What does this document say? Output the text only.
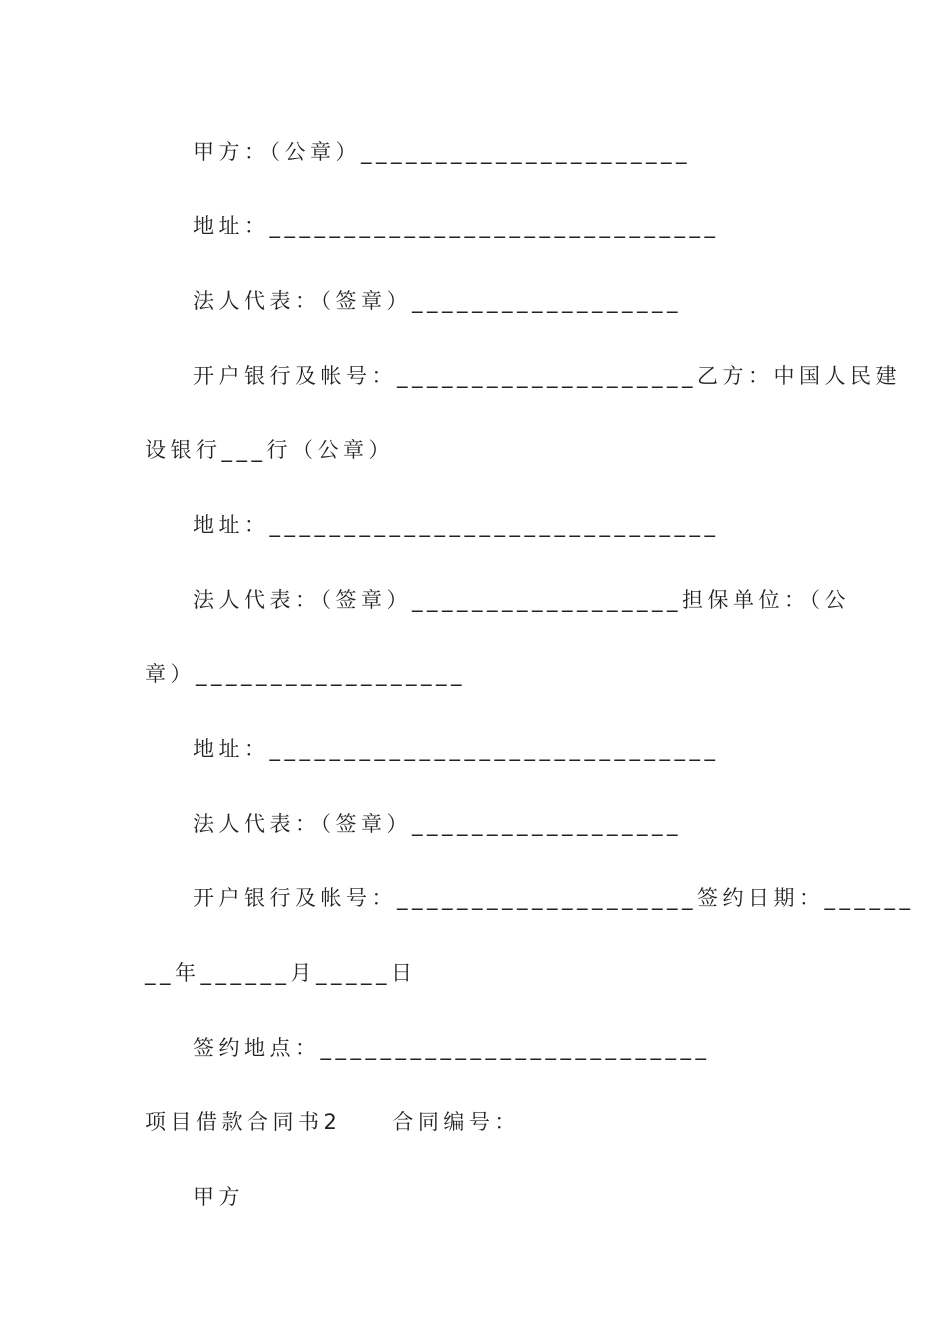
甲方：（公章）______________________
地址：______________________________
法人代表：（签章）__________________
开户银行及帐号：____________________乙方：中国人民建
设银行___行（公章）
地址：______________________________
法人代表：（签章）__________________担保单位：（公
章）__________________
地址：______________________________
法人代表：（签章）__________________
开户银行及帐号：____________________签约日期：______
__年______月_____日
签约地点：__________________________
项目借款合同书2　　合同编号：
甲方
